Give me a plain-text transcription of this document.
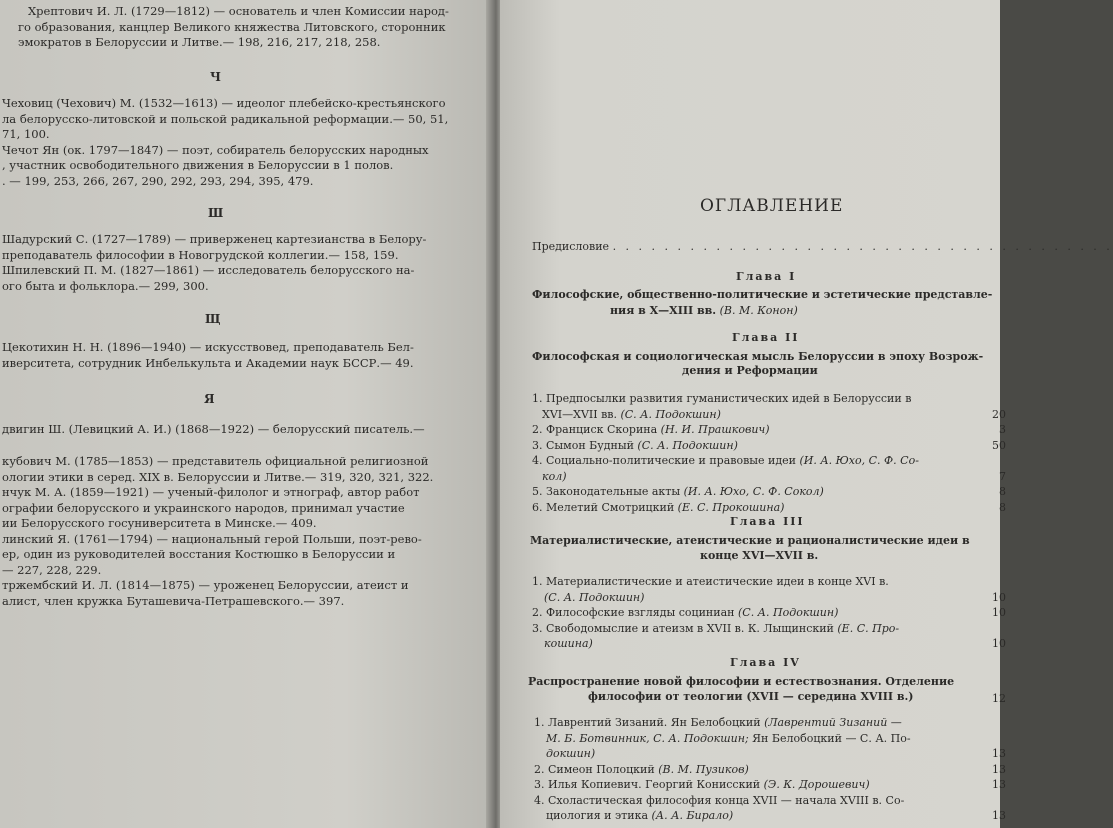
Хрептович И. Л. (1729—1812) — основатель и член Комиссии народ-
го образования, канцлер Великого княжества Литовского, сторонник
эмократов в Белоруссии и Литве.— 198, 216, 217, 218, 258.
Ч
Чеховиц (Чехович) М. (1532—1613) — идеолог плебейско-крестьянского
ла белорусско-литовской и польской радикальной реформации.— 50, 51,
71, 100.
Чечот Ян (ок. 1797—1847) — поэт, собиратель белорусских народных
, участник освободительного движения в Белоруссии в 1 полов.
. — 199, 253, 266, 267, 290, 292, 293, 294, 395, 479.
Ш
Шадурский С. (1727—1789) — приверженец картезианства в Белору-
преподаватель философии в Новогрудской коллегии.— 158, 159.
Шпилевский П. М. (1827—1861) — исследователь белорусского на-
ого быта и фольклора.— 299, 300.
Щ
Цекотихин Н. Н. (1896—1940) — искусствовед, преподаватель Бел-
иверситета, сотрудник Инбелькульта и Академии наук БССР.— 49.
Я
двигин Ш. (Левицкий А. И.) (1868—1922) — белорусский писатель.—
кубович М. (1785—1853) — представитель официальной религиозной
ологии этики в серед. XIX в. Белоруссии и Литве.— 319, 320, 321, 322.
нчук М. А. (1859—1921) — ученый-филолог и этнограф, автор работ
ографии белорусского и украинского народов, принимал участие
ии Белорусского госуниверситета в Минске.— 409.
линский Я. (1761—1794) — национальный герой Польши, поэт-рево-
ер, один из руководителей восстания Костюшко в Белоруссии и
— 227, 228, 229.
тржембский И. Л. (1814—1875) — уроженец Белоруссии, атеист и
алист, член кружка Буташевича-Петрашевского.— 397.
ОГЛАВЛЕНИЕ
Предисловие . . . . . . . . . . . . . . . . . . . . . . . . . . . . . . . . . . . . . . .
Глава I
Философские, общественно-политические и эстетические представле-
ния в X—XIII вв. (В. М. Конон)
Глава II
Философская и социологическая мысль Белоруссии в эпоху Возрож-
дения и Реформации
1. Предпосылки развития гуманистических идей в Белоруссии в
XVI—XVII вв. (С. А. Подокшин)	20
2. Франциск Скорина (Н. И. Прашкович)	3
3. Сымон Будный (С. А. Подокшин)	50
4. Социально-политические и правовые идеи (И. А. Юхо, С. Ф. Со-
кол)	7
5. Законодательные акты (И. А. Юхо, С. Ф. Сокол)	8
6. Мелетий Смотрицкий (Е. С. Прокошина)	8
Глава III
Материалистические, атеистические и рационалистические идеи в
конце XVI—XVII в.
1. Материалистические и атеистические идеи в конце XVI в.
(С. А. Подокшин)	10
2. Философские взгляды социниан (С. А. Подокшин)	10
3. Свободомыслие и атеизм в XVII в. К. Лыщинский (Е. С. Про-
кошина)	10
Глава IV
Распространение новой философии и естествознания. Отделение
философии от теологии (XVII — середина XVIII в.)	12
1. Лаврентий Зизаний. Ян Белобоцкий (Лаврентий Зизаний —
М. Б. Ботвинник, С. А. Подокшин; Ян Белобоцкий — С. А. По-
докшин)	13
2. Симеон Полоцкий (В. М. Пузиков)	13
3. Илья Копиевич. Георгий Конисский (Э. К. Дорошевич)	13
4. Схоластическая философия конца XVII — начала XVIII в. Со-
циология и этика (А. А. Бирало)	13
